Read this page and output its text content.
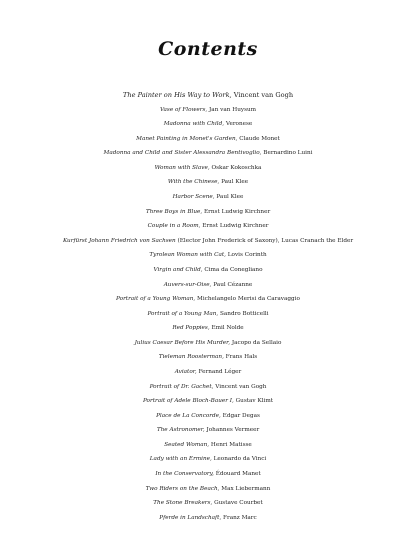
Contents
The Painter on His Way to Work, Vincent van Gogh
Vase of Flowers, Jan van Huysum
Madonna with Child, Veronese
Manet Painting in Monet's Garden, Claude Monet
Madonna and Child and Sister Alessandra Bentivoglio, Bernardino Luini
Woman with Slave, Oskar Kokoschka
With the Chinese, Paul Klee
Harbor Scene, Paul Klee
Three Boys in Blue, Ernst Ludwig Kirchner
Couple in a Room, Ernst Ludwig Kirchner
Kurfürst Johann Friedrich von Sachsen (Elector John Frederick of Saxony), Lucas Cranach the Elder
Tyrolean Woman with Cat, Lovis Corinth
Virgin and Child, Cima da Conegliano
Auvers-sur-Oise, Paul Cézanne
Portrait of a Young Woman, Michelangelo Merisi da Caravaggio
Portrait of a Young Man, Sandro Botticelli
Red Poppies, Emil Nolde
Julius Caesar Before His Murder, Jacopo da Sellaio
Tieleman Roosterman, Frans Hals
Aviator, Fernand Léger
Portrait of Dr. Gachet, Vincent van Gogh
Portrait of Adele Bloch-Bauer I, Gustav Klimt
Place de La Concorde, Edgar Degas
The Astronomer, Johannes Vermeer
Seated Woman, Henri Matisse
Lady with an Ermine, Leonardo da Vinci
In the Conservatory, Édouard Manet
Two Riders on the Beach, Max Liebermann
The Stone Breakers, Gustave Courbet
Pferde in Landschaft, Franz Marc
